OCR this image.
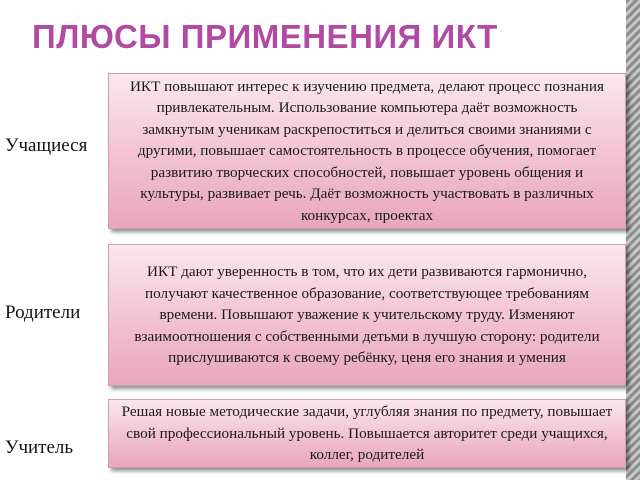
ПЛЮСЫ ПРИМЕНЕНИЯ ИКТ
Учащиеся
ИКТ повышают интерес к изучению предмета, делают процесс познания привлекательным. Использование компьютера даёт возможность замкнутым ученикам раскрепоститься и делиться своими знаниями с другими, повышает самостоятельность в процессе обучения, помогает развитию творческих способностей, повышает уровень общения и культуры, развивает речь. Даёт возможность участвовать в различных конкурсах, проектах
Родители
ИКТ дают уверенность в том, что их дети развиваются гармонично, получают качественное образование, соответствующее требованиям времени. Повышают уважение к учительскому труду. Изменяют взаимоотношения с собственными детьми в лучшую сторону: родители прислушиваются к своему ребёнку, ценя его знания и умения
Учитель
Решая новые методические задачи, углубляя знания по предмету, повышает свой профессиональный уровень. Повышается авторитет среди учащихся, коллег, родителей
